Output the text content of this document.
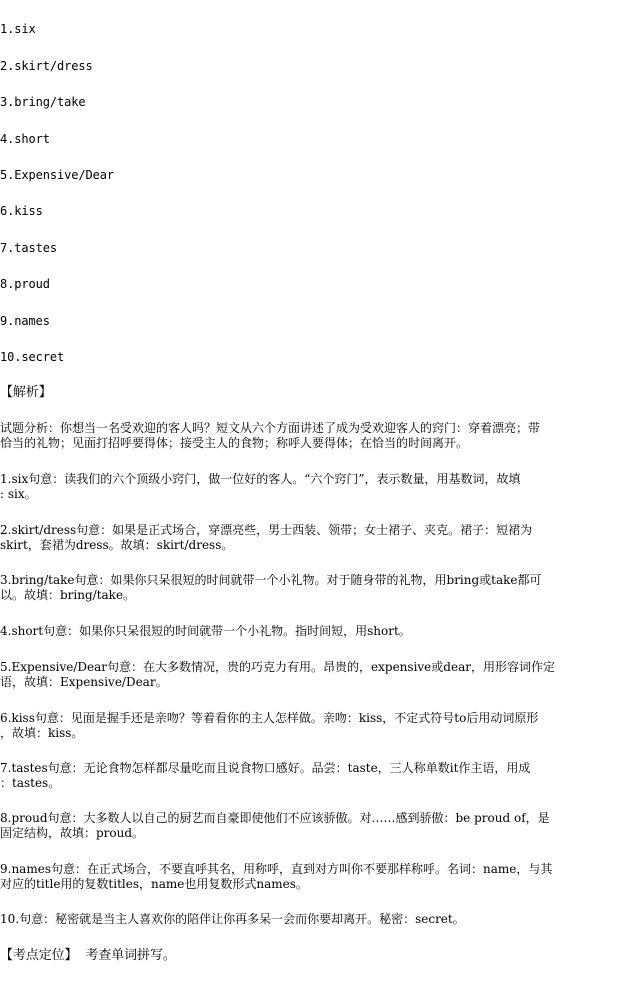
1.six
2.skirt/dress
3.bring/take
4.short
5.Expensive/Dear
6.kiss
7.tastes
8.proud
9.names
10.secret
【解析】
试题分析：你想当一名受欢迎的客人吗？短文从六个方面讲述了成为受欢迎客人的窍门：穿着漂亮；带
恰当的礼物；见面打招呼要得体；接受主人的食物；称呼人要得体；在恰当的时间离开。
1.six句意：读我们的六个顶级小窍门，做一位好的客人。“六个窍门”，表示数量，用基数词，故填
: six。
2.skirt/dress句意：如果是正式场合，穿漂亮些，男士西装、领带；女士裙子、夹克。裙子：短裙为
skirt，套裙为dress。故填：skirt/dress。
3.bring/take句意：如果你只呆很短的时间就带一个小礼物。对于随身带的礼物，用bring或take都可
以。故填：bring/take。
4.short句意：如果你只呆很短的时间就带一个小礼物。指时间短，用short。
5.Expensive/Dear句意：在大多数情况，贵的巧克力有用。昂贵的，expensive或dear，用形容词作定
语，故填：Expensive/Dear。
6.kiss句意：见面是握手还是亲吻？等着看你的主人怎样做。亲吻：kiss，不定式符号to后用动词原形
，故填：kiss。
7.tastes句意：无论食物怎样都尽量吃而且说食物口感好。品尝：taste，三人称单数it作主语，用成
：tastes。
8.proud句意：大多数人以自己的厨艺而自豪即使他们不应该骄傲。对……感到骄傲：be proud of，是
固定结构，故填：proud。
9.names句意：在正式场合，不要直呼其名，用称呼，直到对方叫你不要那样称呼。名词：name，与其
对应的title用的复数titles，name也用复数形式names。
10.句意：秘密就是当主人喜欢你的陪伴让你再多呆一会而你要却离开。秘密：secret。
【考点定位】 考查单词拼写。
